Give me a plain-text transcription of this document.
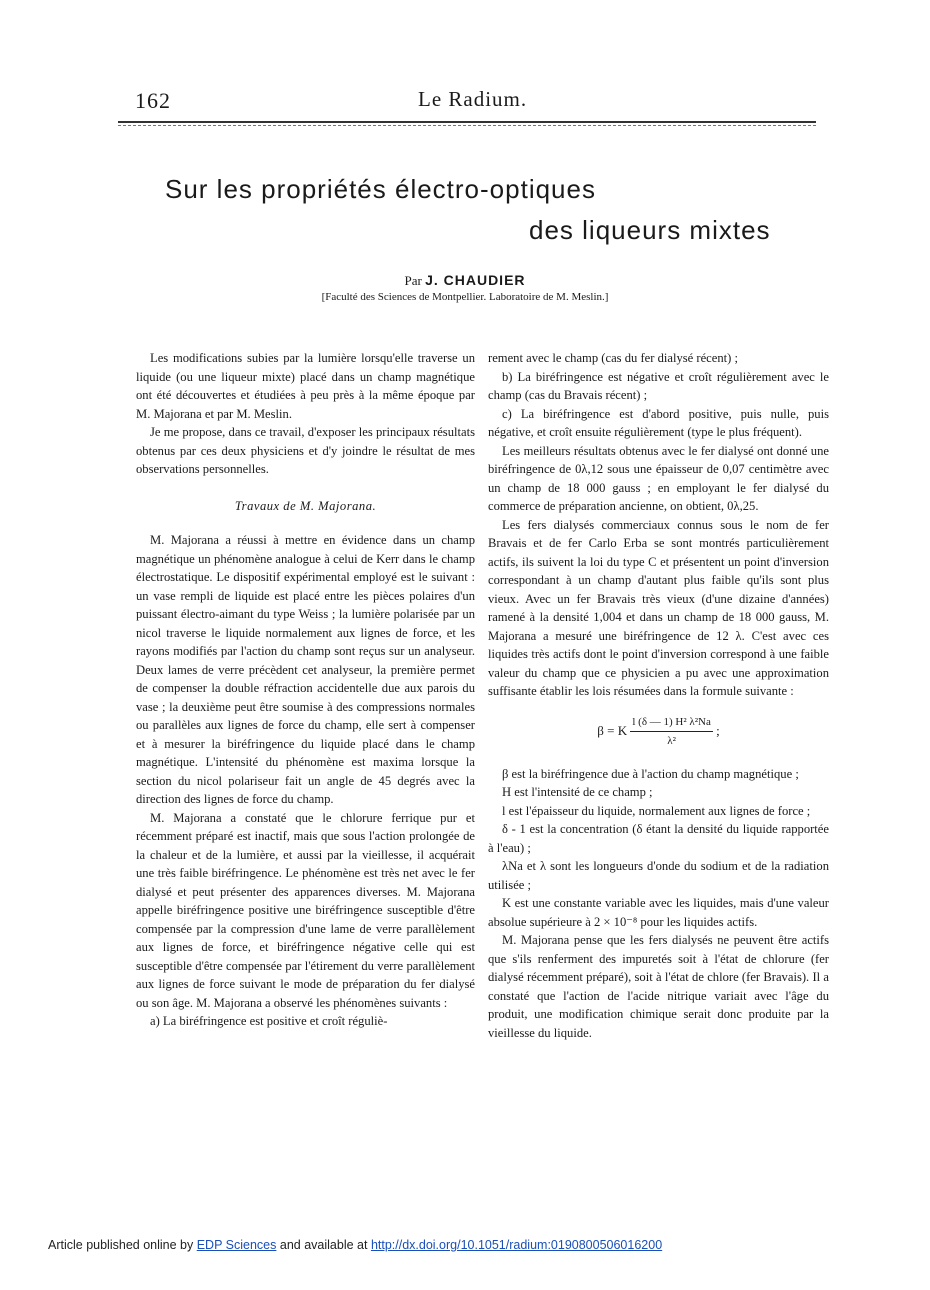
162	Le Radium.
Sur les propriétés électro-optiques
des liqueurs mixtes
Par J. CHAUDIER
[Faculté des Sciences de Montpellier. Laboratoire de M. Meslin.]

Les modifications subies par la lumière lorsqu'elle traverse un liquide (ou une liqueur mixte) placé dans un champ magnétique ont été découvertes et étudiées à peu près à la même époque par M. Majorana et par M. Meslin.

Je me propose, dans ce travail, d'exposer les principaux résultats obtenus par ces deux physiciens et d'y joindre le résultat de mes observations personnelles.

Travaux de M. Majorana.

M. Majorana a réussi à mettre en évidence dans un champ magnétique un phénomène analogue à celui de Kerr dans le champ électrostatique. Le dispositif expérimental employé est le suivant : un vase rempli de liquide est placé entre les pièces polaires d'un puissant électro-aimant du type Weiss ; la lumière polarisée par un nicol traverse le liquide normalement aux lignes de force, et les rayons modifiés par l'action du champ sont reçus sur un analyseur. Deux lames de verre précèdent cet analyseur, la première permet de compenser la double réfraction accidentelle due aux parois du vase ; la deuxième peut être soumise à des compressions normales ou parallèles aux lignes de force du champ, elle sert à compenser et à mesurer la biréfringence du liquide placé dans le champ magnétique. L'intensité du phénomène est maxima lorsque la section du nicol polariseur fait un angle de 45 degrés avec la direction des lignes de force du champ.

M. Majorana a constaté que le chlorure ferrique pur et récemment préparé est inactif, mais que sous l'action prolongée de la chaleur et de la lumière, et aussi par la vieillesse, il acquérait une très faible biréfringence. Le phénomène est très net avec le fer dialysé et peut présenter des apparences diverses. M. Majorana appelle biréfringence positive une biréfringence susceptible d'être compensée par la compression d'une lame de verre parallèlement aux lignes de force, et biréfringence négative celle qui est susceptible d'être compensée par l'étirement du verre parallèlement aux lignes de force suivant le mode de préparation du fer dialysé ou son âge. M. Majorana a observé les phénomènes suivants :

a) La biréfringence est positive et croît réguliè-

rement avec le champ (cas du fer dialysé récent) ;

b) La biréfringence est négative et croît régulièrement avec le champ (cas du Bravais récent) ;

c) La biréfringence est d'abord positive, puis nulle, puis négative, et croît ensuite régulièrement (type le plus fréquent).

Les meilleurs résultats obtenus avec le fer dialysé ont donné une biréfringence de 0λ,12 sous une épaisseur de 0,07 centimètre avec un champ de 18 000 gauss ; en employant le fer dialysé du commerce de préparation ancienne, on obtient, 0λ,25.

Les fers dialysés commerciaux connus sous le nom de fer Bravais et de fer Carlo Erba se sont montrés particulièrement actifs, ils suivent la loi du type C et présentent un point d'inversion correspondant à un champ d'autant plus faible qu'ils sont plus vieux. Avec un fer Bravais très vieux (d'une dizaine d'années) ramené à la densité 1,004 et dans un champ de 18 000 gauss, M. Majorana a mesuré une biréfringence de 12 λ. C'est avec ces liquides très actifs dont le point d'inversion correspond à une faible valeur du champ que ce physicien a pu avec une approximation suffisante établir les lois résumées dans la formule suivante :

β = K $\frac{\text{l (δ — 1) H² λ²Na}}{\text{λ²}}$ ;

β est la biréfringence due à l'action du champ magnétique ;

H est l'intensité de ce champ ;

l est l'épaisseur du liquide, normalement aux lignes de force ;

δ - 1 est la concentration (δ étant la densité du liquide rapportée à l'eau) ;

λNa et λ sont les longueurs d'onde du sodium et de la radiation utilisée ;

K est une constante variable avec les liquides, mais d'une valeur absolue supérieure à 2 × 10⁻⁸ pour les liquides actifs.

M. Majorana pense que les fers dialysés ne peuvent être actifs que s'ils renferment des impuretés soit à l'état de chlorure (fer dialysé récemment préparé), soit à l'état de chlore (fer Bravais). Il a constaté que l'action de l'acide nitrique variait avec l'âge du produit, une modification chimique serait donc produite par la vieillesse du liquide.

Article published online by EDP Sciences and available at http://dx.doi.org/10.1051/radium:0190800506016200
